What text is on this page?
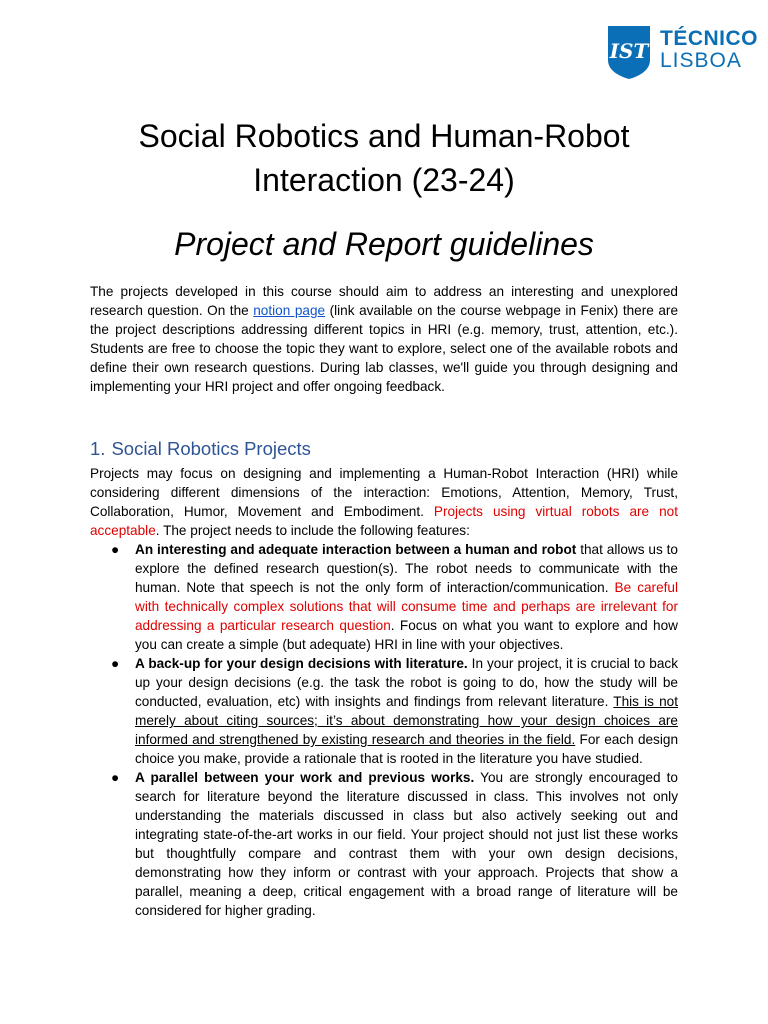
IST
TÉCNICO
LISBOA
Social Robotics and Human-Robot Interaction (23-24)
Project and Report guidelines

The projects developed in this course should aim to address an interesting and unexplored research question. On the notion page (link available on the course webpage in Fenix) there are the project descriptions addressing different topics in HRI (e.g. memory, trust, attention, etc.). Students are free to choose the topic they want to explore, select one of the available robots and define their own research questions. During lab classes, we'll guide you through designing and implementing your HRI project and offer ongoing feedback.

1. Social Robotics Projects

Projects may focus on designing and implementing a Human-Robot Interaction (HRI) while considering different dimensions of the interaction: Emotions, Attention, Memory, Trust, Collaboration, Humor, Movement and Embodiment. Projects using virtual robots are not acceptable. The project needs to include the following features:

● An interesting and adequate interaction between a human and robot that allows us to explore the defined research question(s). The robot needs to communicate with the human. Note that speech is not the only form of interaction/communication. Be careful with technically complex solutions that will consume time and perhaps are irrelevant for addressing a particular research question. Focus on what you want to explore and how you can create a simple (but adequate) HRI in line with your objectives.
● A back-up for your design decisions with literature. In your project, it is crucial to back up your design decisions (e.g. the task the robot is going to do, how the study will be conducted, evaluation, etc) with insights and findings from relevant literature. This is not merely about citing sources; it’s about demonstrating how your design choices are informed and strengthened by existing research and theories in the field. For each design choice you make, provide a rationale that is rooted in the literature you have studied.
● A parallel between your work and previous works. You are strongly encouraged to search for literature beyond the literature discussed in class. This involves not only understanding the materials discussed in class but also actively seeking out and integrating state-of-the-art works in our field. Your project should not just list these works but thoughtfully compare and contrast them with your own design decisions, demonstrating how they inform or contrast with your approach. Projects that show a parallel, meaning a deep, critical engagement with a broad range of literature will be considered for higher grading.
